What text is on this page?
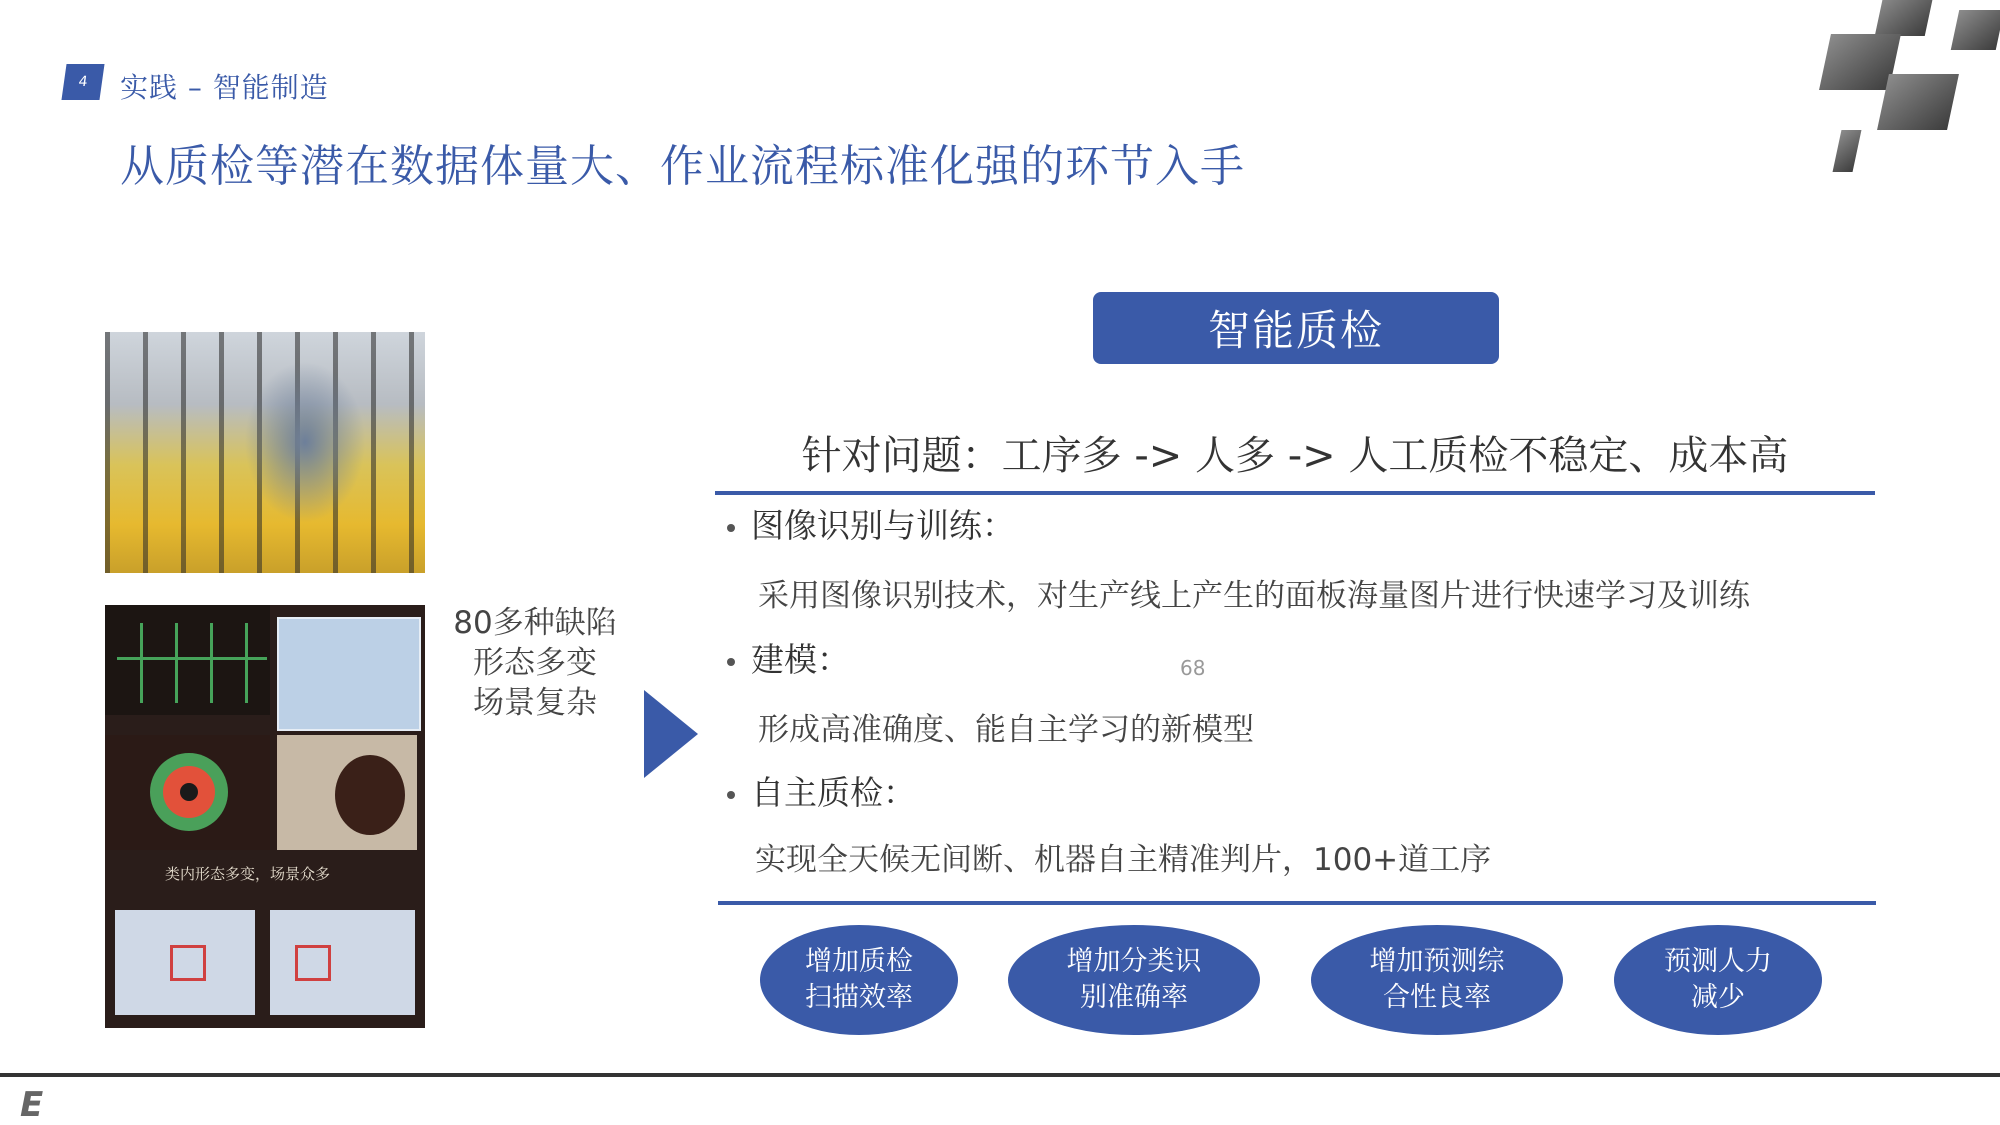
4	实践 – 智能制造
从质检等潜在数据体量大、作业流程标准化强的环节入手
类内形态多变，场景众多
80多种缺陷
形态多变
场景复杂
智能质检
针对问题：工序多 -> 人多 -> 人工质检不稳定、成本高
图像识别与训练：
采用图像识别技术，对生产线上产生的面板海量图片进行快速学习及训练
建模：	68
形成高准确度、能自主学习的新模型
自主质检：
实现全天候无间断、机器自主精准判片，100+道工序
增加质检
扫描效率
增加分类识
别准确率
增加预测综
合性良率
预测人力
减少
E
